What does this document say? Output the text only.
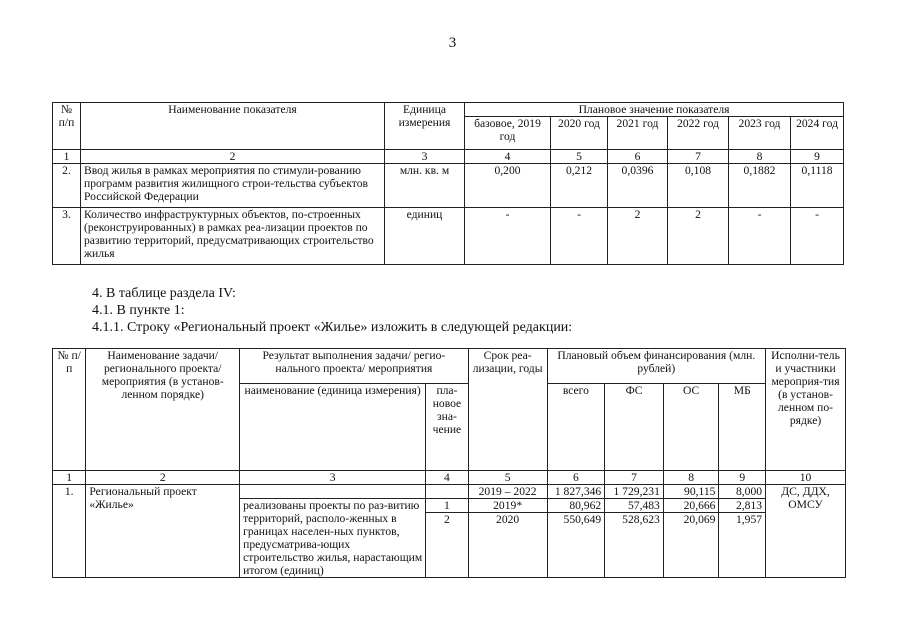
3
№ п/п	Наименование показателя	Единица измерения	Плановое значение показателя					
			базовое, 2019 год	2020 год	2021 год	2022 год	2023 год	2024 год
1	2	3	4	5	6	7	8	9
2.	Ввод жилья в рамках мероприятия по стимули-рованию программ развития жилищного строи-тельства субъектов Российской Федерации	млн. кв. м	0,200	0,212	0,0396	0,108	0,1882	0,1118
3.	Количество инфраструктурных объектов, по-строенных (реконструированных) в рамках реа-лизации проектов по развитию территорий, предусматривающих строительство жилья	единиц	-	-	2	2	-	-
4. В таблице раздела IV:
4.1. В пункте 1:
4.1.1. Строку «Региональный проект «Жилье» изложить в следующей редакции:
№ п/п	Наименование задачи/ регионального проекта/ мероприятия (в установ-ленном порядке)	Результат выполнения задачи/ регио-нального проекта/ мероприятия		Срок реа-лизации, годы	Плановый объем финансирования (млн. рублей)				Исполни-тель и участники мероприя-тия (в установ-ленном по-рядке)
		наименование (единица измерения)	пла-новое зна-чение		всего	ФС	ОС	МБ	
1	2	3	4	5	6	7	8	9	10
1.	Региональный проект «Жилье»			2019 – 2022	1 827,346	1 729,231	90,115	8,000	ДС, ДДХ, ОМСУ
		реализованы проекты по раз-витию территорий, располо-женных в границах населен-ных пунктов, предусматрива-ющих строительство жилья, нарастающим итогом (единиц)	1	2019*	80,962	57,483	20,666	2,813	
			2	2020	550,649	528,623	20,069	1,957	
